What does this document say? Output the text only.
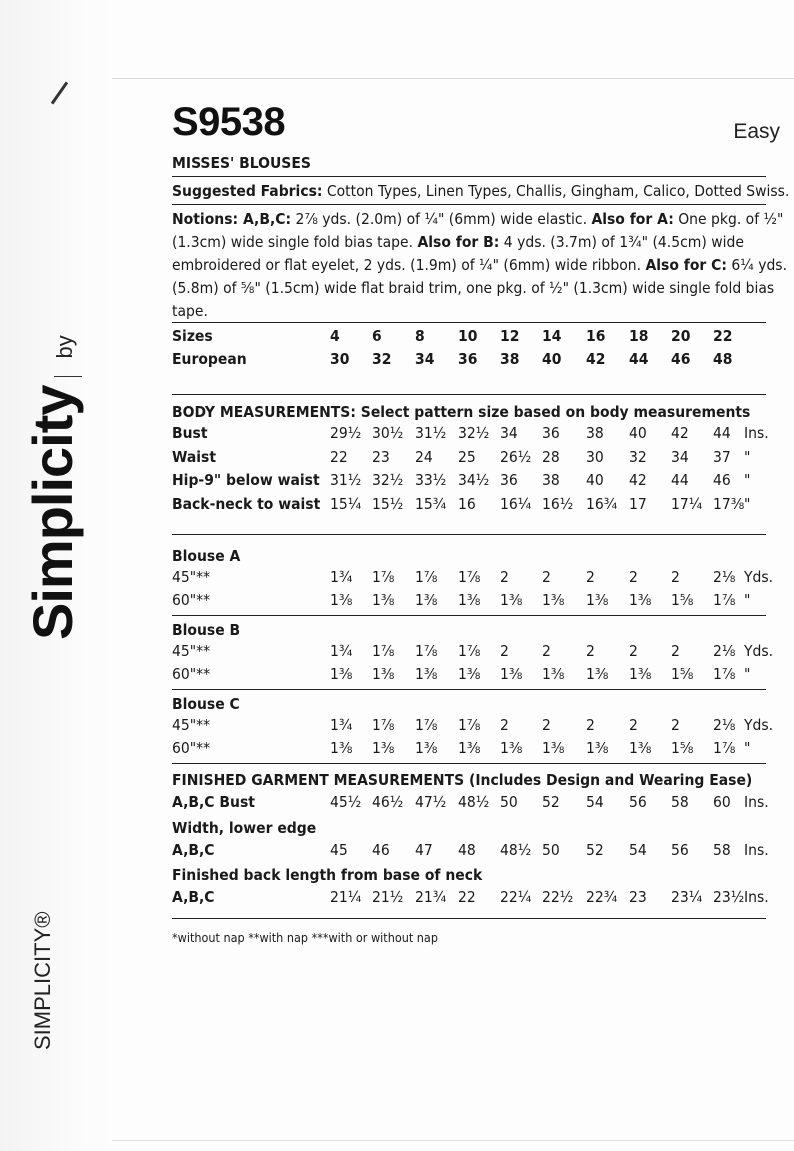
Simplicityby
SIMPLICITY®
S9538	Easy
MISSES' BLOUSES
Suggested Fabrics: Cotton Types, Linen Types, Challis, Gingham, Calico, Dotted Swiss.
Notions: A,B,C: 2⅞ yds. (2.0m) of ¼" (6mm) wide elastic. Also for A: One pkg. of ½"
(1.3cm) wide single fold bias tape. Also for B: 4 yds. (3.7m) of 1¾" (4.5cm) wide
embroidered or flat eyelet, 2 yds. (1.9m) of ¼" (6mm) wide ribbon. Also for C: 6¼ yds.
(5.8m) of ⅝" (1.5cm) wide flat braid trim, one pkg. of ½" (1.3cm) wide single fold bias
tape.
Sizes	4 6 8 10 12 14 16 18 20 22
European	30 32 34 36 38 40 42 44 46 48
BODY MEASUREMENTS: Select pattern size based on body measurements
Bust	29½ 30½ 31½ 32½ 34 36 38 40 42 44 Ins.
Waist	22 23 24 25 26½ 28 30 32 34 37 "
Hip-9" below waist 31½ 32½ 33½ 34½ 36 38 40 42 44 46 "
Back-neck to waist 15¼ 15½ 15¾ 16 16¼ 16½ 16¾ 17 17¼ 17⅜ "
Blouse A
45"**	1¾ 1⅞ 1⅞ 1⅞ 2 2 2 2 2 2⅛ Yds.
60"**	1⅜ 1⅜ 1⅜ 1⅜ 1⅜ 1⅜ 1⅜ 1⅜ 1⅝ 1⅞ "
Blouse B
45"**	1¾ 1⅞ 1⅞ 1⅞ 2 2 2 2 2 2⅛ Yds.
60"**	1⅜ 1⅜ 1⅜ 1⅜ 1⅜ 1⅜ 1⅜ 1⅜ 1⅝ 1⅞ "
Blouse C
45"**	1¾ 1⅞ 1⅞ 1⅞ 2 2 2 2 2 2⅛ Yds.
60"**	1⅜ 1⅜ 1⅜ 1⅜ 1⅜ 1⅜ 1⅜ 1⅜ 1⅝ 1⅞ "
FINISHED GARMENT MEASUREMENTS (Includes Design and Wearing Ease)
A,B,C Bust	45½ 46½ 47½ 48½ 50 52 54 56 58 60 Ins.
Width, lower edge
A,B,C	45 46 47 48 48½ 50 52 54 56 58 Ins.
Finished back length from base of neck
A,B,C	21¼ 21½ 21¾ 22 22¼ 22½ 22¾ 23 23¼ 23½ Ins.
*without nap **with nap ***with or without nap
